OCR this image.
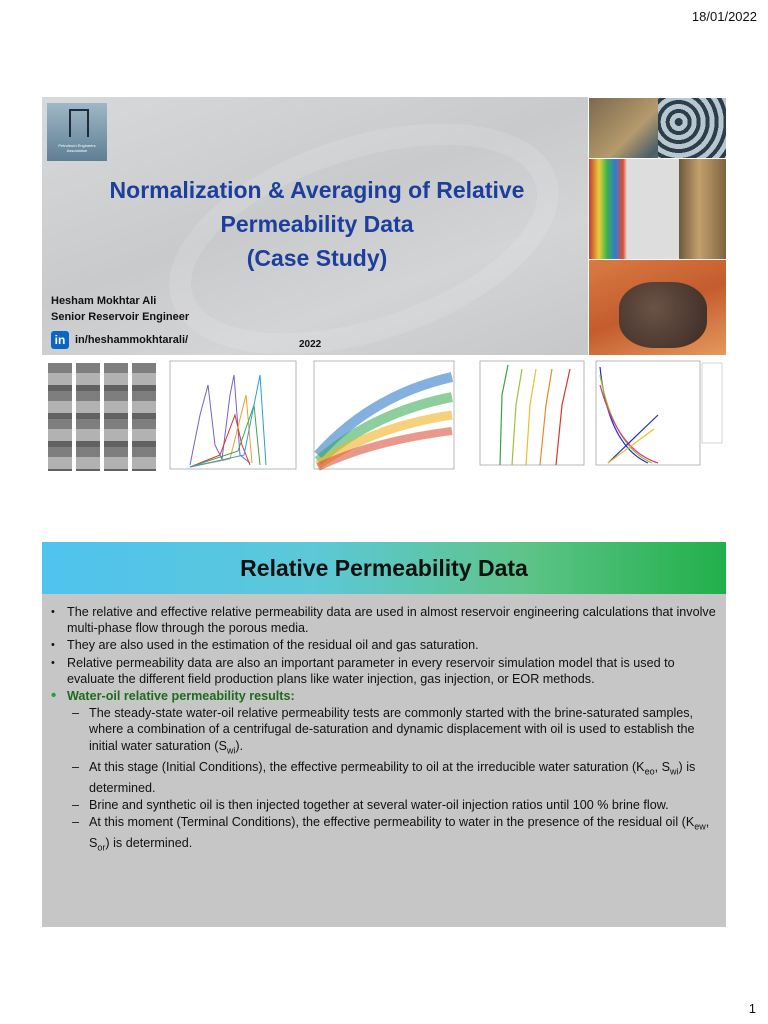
18/01/2022
Petroleum Engineers Association
Normalization & Averaging of Relative
Permeability Data
(Case Study)
Hesham Mokhtar Ali
Senior Reservoir Engineer
in in/heshammokhtarali/	2022
Relative Permeability Data
• The relative and effective relative permeability data are used in almost reservoir engineering calculations that involve multi-phase flow through the porous media.
• They are also used in the estimation of the residual oil and gas saturation.
• Relative permeability data are also an important parameter in every reservoir simulation model that is used to evaluate the different field production plans like water injection, gas injection, or EOR methods.
• Water-oil relative permeability results:
– The steady-state water-oil relative permeability tests are commonly started with the brine-saturated samples, where a combination of a centrifugal de-saturation and dynamic displacement with oil is used to establish the initial water saturation $(S_{wi})$.
– At this stage (Initial Conditions), the effective permeability to oil at the irreducible water saturation ($K_{eo}$, $S_{wi}$) is determined.
– Brine and synthetic oil is then injected together at several water-oil injection ratios until 100 % brine flow.
– At this moment (Terminal Conditions), the effective permeability to water in the presence of the residual oil ($K_{ew}$, $S_{or}$) is determined.
1
